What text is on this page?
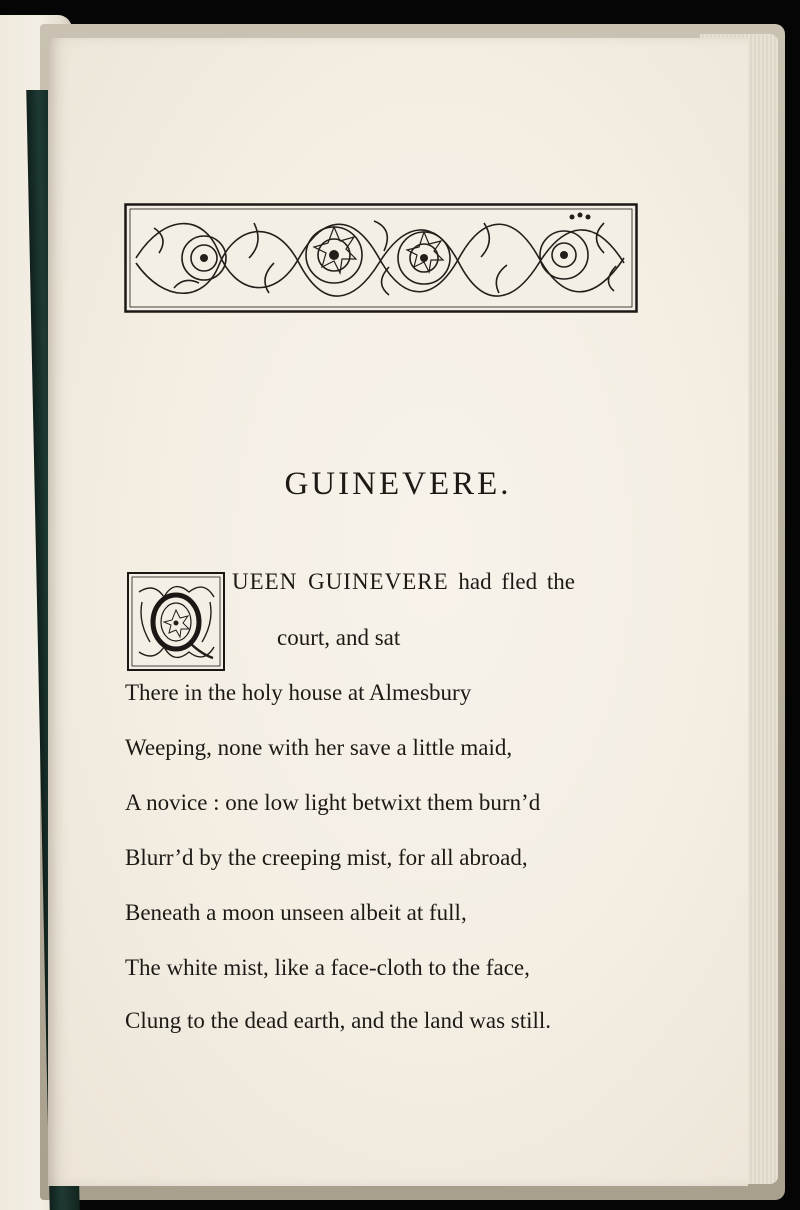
GUINEVERE.

UEEN GUINEVERE had fled the

court, and sat

There in the holy house at Almesbury

Weeping, none with her save a little maid,

A novice : one low light betwixt them burn’d

Blurr’d by the creeping mist, for all abroad,

Beneath a moon unseen albeit at full,

The white mist, like a face-cloth to the face,

Clung to the dead earth, and the land was still.
